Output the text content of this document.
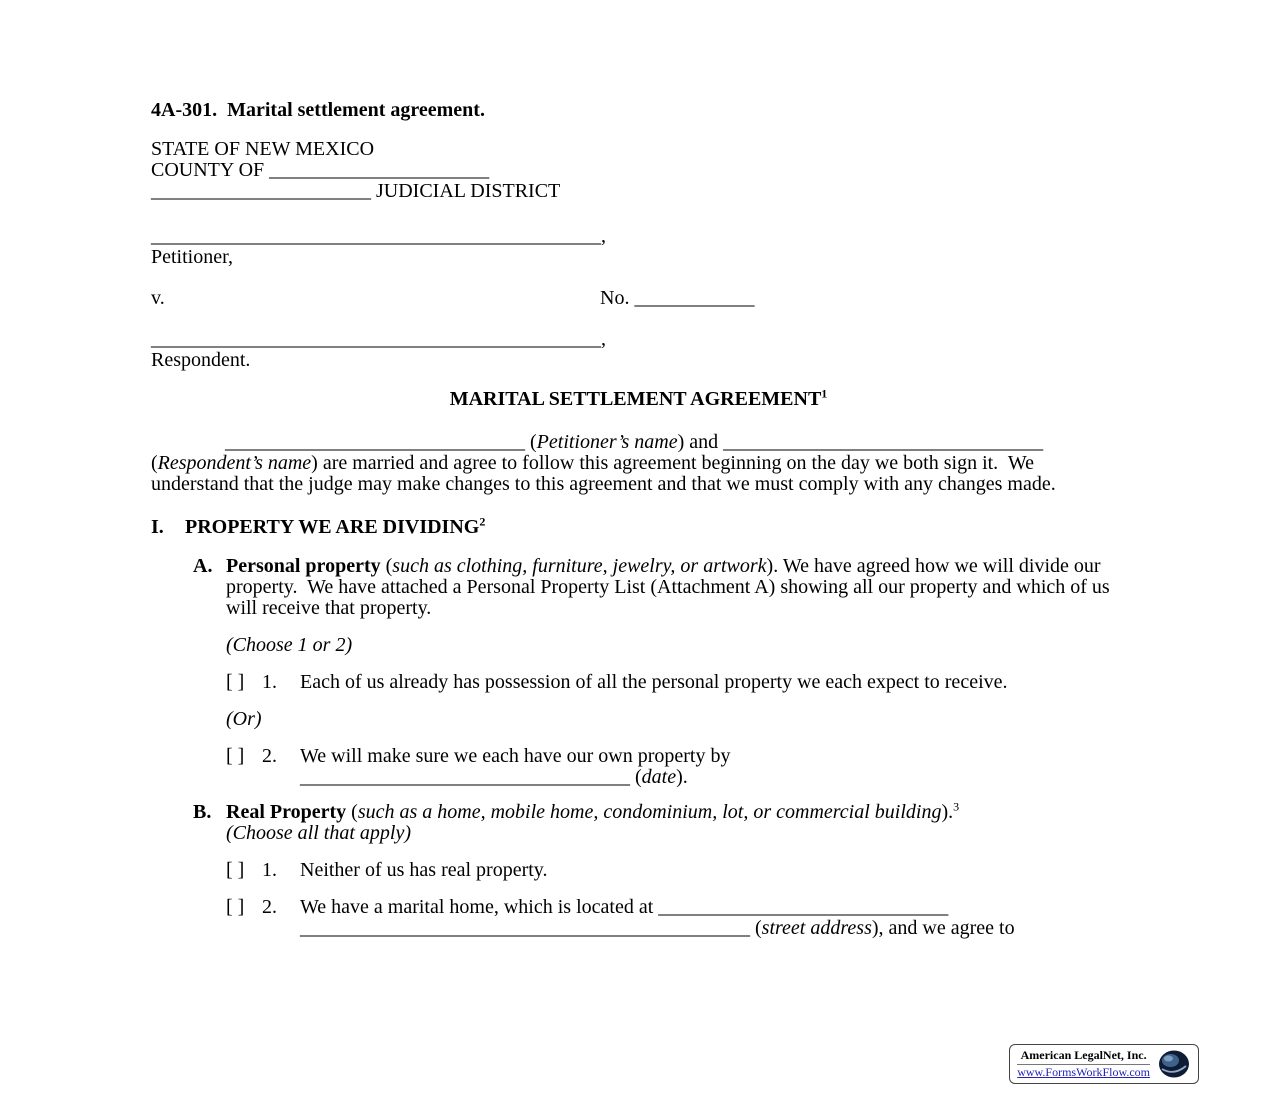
4A-301.  Marital settlement agreement.
STATE OF NEW MEXICO
COUNTY OF ______________________
______________________ JUDICIAL DISTRICT
_____________________________________________,
Petitioner,
v.	No. ____________
_____________________________________________,
Respondent.
MARITAL SETTLEMENT AGREEMENT$^1$
______________________________ (Petitioner’s name) and ________________________________
(Respondent’s name) are married and agree to follow this agreement beginning on the day we both sign it.  We understand that the judge may make changes to this agreement and that we must comply with any changes made.
I.	PROPERTY WE ARE DIVIDING$^2$
A. Personal property (such as clothing, furniture, jewelry, or artwork). We have agreed how we will divide our property.  We have attached a Personal Property List (Attachment A) showing all our property and which of us will receive that property.
(Choose 1 or 2)
[ ] 1.	Each of us already has possession of all the personal property we each expect to receive.
(Or)
[ ] 2.	We will make sure we each have our own property by
_________________________________ (date).
B. Real Property (such as a home, mobile home, condominium, lot, or commercial building).$^3$
(Choose all that apply)
[ ] 1.	Neither of us has real property.
[ ] 2.	We have a marital home, which is located at _____________________________
_____________________________________________ (street address), and we agree to
American LegalNet, Inc.
www.FormsWorkFlow.com
